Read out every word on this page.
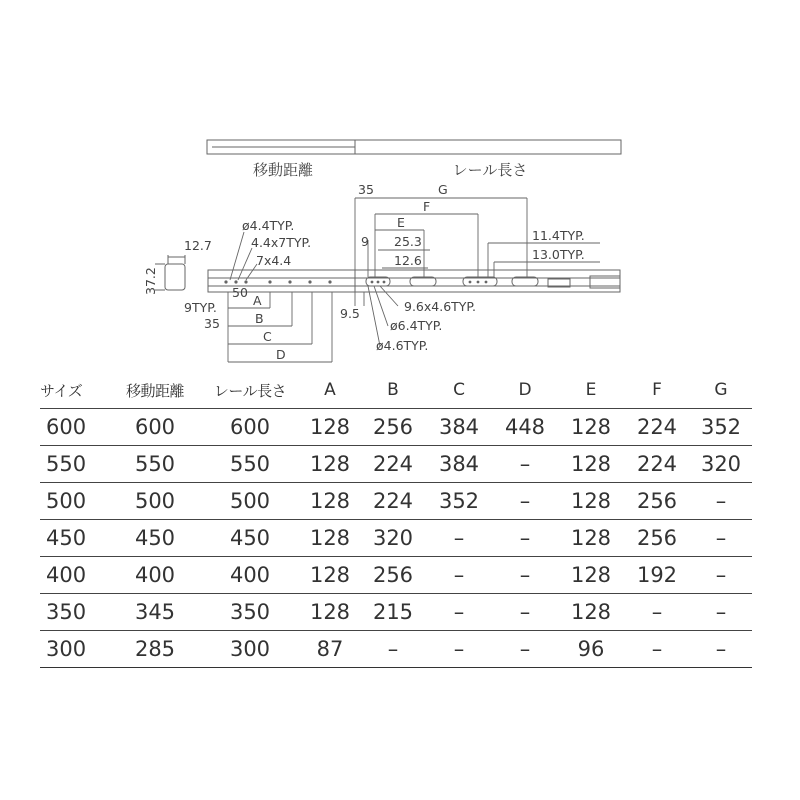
移動距離	レール長さ
12.7
37.2
35	G
F
E
9 25.3
12.6
11.4TYP.
13.0TYP.
ø4.4TYP.
4.4x7TYP.
7x4.4
50
9TYP.	A
35	B
C
D
9.5	9.6x4.6TYP.
ø6.4TYP.
ø4.6TYP.
サイズ	移動距離	レール長さ	A	B	C	D	E	F	G
600	600	600	128	256	384	448	128	224	352
550	550	550	128	224	384	–	128	224	320
500	500	500	128	224	352	–	128	256	–
450	450	450	128	320	–	–	128	256	–
400	400	400	128	256	–	–	128	192	–
350	345	350	128	215	–	–	128	–	–
300	285	300	87	–	–	–	96	–	–
